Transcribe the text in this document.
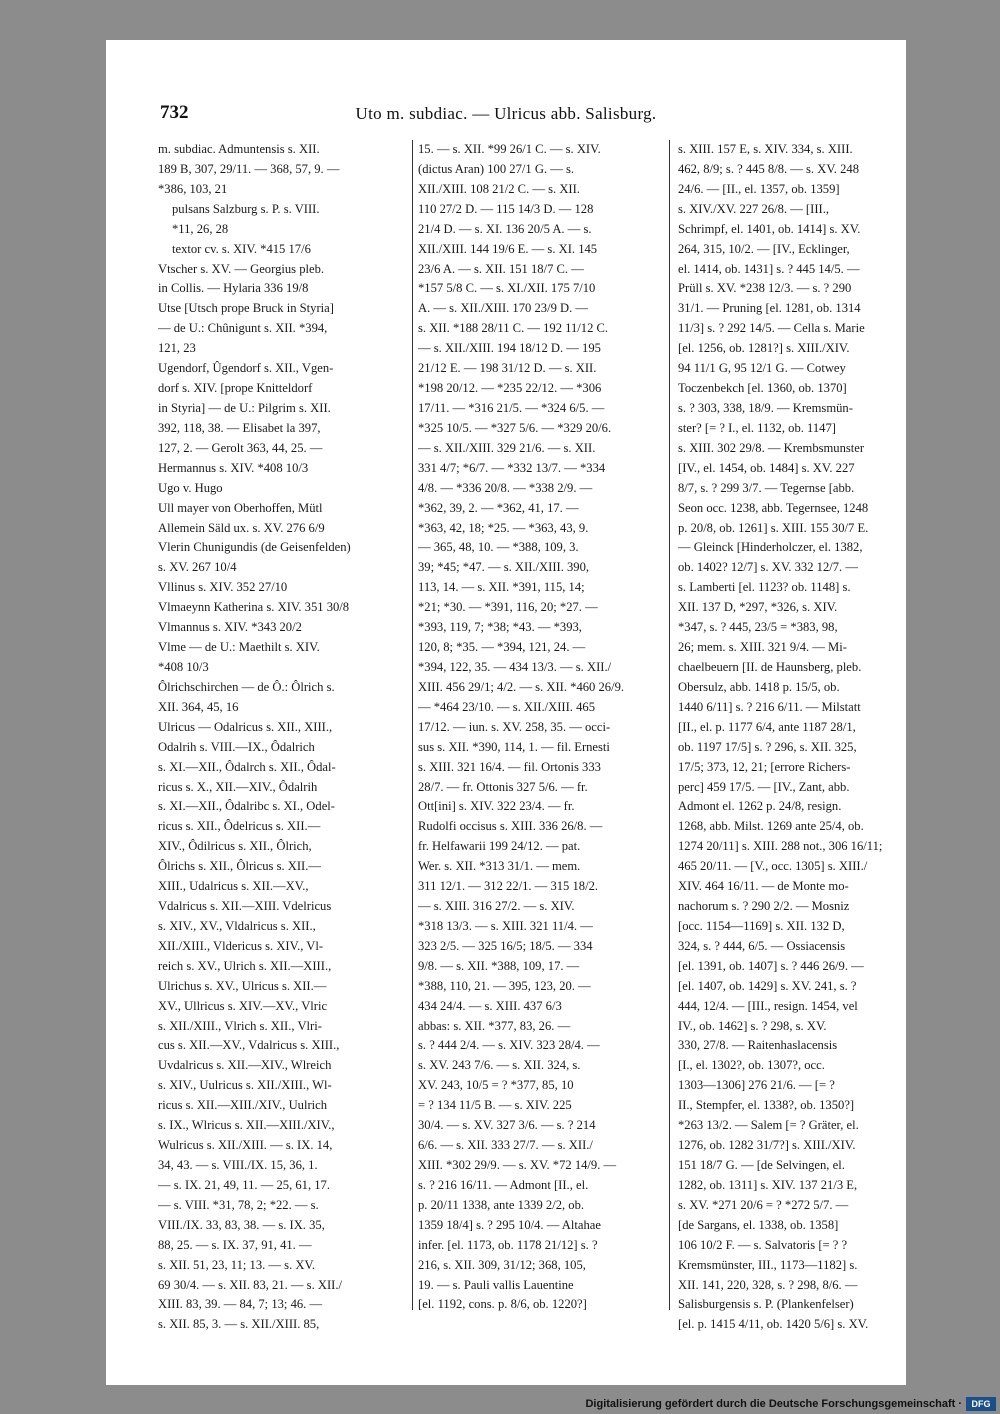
732	Uto m. subdiac. — Ulricus abb. Salisburg.
m. subdiac. Admuntensis s. XII.
189 B, 307, 29/11. — 368, 57, 9. —
*386, 103, 21
pulsans Salzburg s. P. s. VIII.
*11, 26, 28
textor cv. s. XIV. *415 17/6
Vtscher s. XV. — Georgius pleb.
in Collis. — Hylaria 336 19/8
Utse [Utsch prope Bruck in Styria]
— de U.: Chûnigunt s. XII. *394,
121, 23
Ugendorf, Ûgendorf s. XII., Vgen-
dorf s. XIV. [prope Knitteldorf
in Styria] — de U.: Pilgrim s. XII.
392, 118, 38. — Elisabet la 397,
127, 2. — Gerolt 363, 44, 25. —
Hermannus s. XIV. *408 10/3
Ugo v. Hugo
Ull mayer von Oberhoffen, Mütl
Allemein Säld ux. s. XV. 276 6/9
Vlerin Chunigundis (de Geisenfelden)
s. XV. 267 10/4
Vllinus s. XIV. 352 27/10
Vlmaeynn Katherina s. XIV. 351 30/8
Vlmannus s. XIV. *343 20/2
Vlme — de U.: Maethilt s. XIV.
*408 10/3
Ôlrichschirchen — de Ô.: Ôlrich s.
XII. 364, 45, 16
Ulricus — Odalricus s. XII., XIII.,
Odalrih s. VIII.—IX., Ôdalrich
s. XI.—XII., Ôdalrch s. XII., Ôdal-
ricus s. X., XII.—XIV., Ôdalrih
s. XI.—XII., Ôdalribc s. XI., Odel-
ricus s. XII., Ôdelricus s. XII.—
XIV., Ôdilricus s. XII., Ôlrich,
Ôlrichs s. XII., Ôlricus s. XII.—
XIII., Udalricus s. XII.—XV.,
Vdalricus s. XII.—XIII. Vdelricus
s. XIV., XV., Vldalricus s. XII.,
XII./XIII., Vldericus s. XIV., Vl-
reich s. XV., Ulrich s. XII.—XIII.,
Ulrichus s. XV., Ulricus s. XII.—
XV., Ullricus s. XIV.—XV., Vlric
s. XII./XIII., Vlrich s. XII., Vlri-
cus s. XII.—XV., Vdalricus s. XIII.,
Uvdalricus s. XII.—XIV., Wlreich
s. XIV., Uulricus s. XII./XIII., Wl-
ricus s. XII.—XIII./XIV., Uulrich
s. IX., Wlricus s. XII.—XIII./XIV.,
Wulricus s. XII./XIII. — s. IX. 14,
34, 43. — s. VIII./IX. 15, 36, 1.
— s. IX. 21, 49, 11. — 25, 61, 17.
— s. VIII. *31, 78, 2; *22. — s.
VIII./IX. 33, 83, 38. — s. IX. 35,
88, 25. — s. IX. 37, 91, 41. —
s. XII. 51, 23, 11; 13. — s. XV.
69 30/4. — s. XII. 83, 21. — s. XII./
XIII. 83, 39. — 84, 7; 13; 46. —
s. XII. 85, 3. — s. XII./XIII. 85,
15. — s. XII. *99 26/1 C. — s. XIV.
(dictus Aran) 100 27/1 G. — s.
XII./XIII. 108 21/2 C. — s. XII.
110 27/2 D. — 115 14/3 D. — 128
21/4 D. — s. XI. 136 20/5 A. — s.
XII./XIII. 144 19/6 E. — s. XI. 145
23/6 A. — s. XII. 151 18/7 C. —
*157 5/8 C. — s. XI./XII. 175 7/10
A. — s. XII./XIII. 170 23/9 D. —
s. XII. *188 28/11 C. — 192 11/12 C.
— s. XII./XIII. 194 18/12 D. — 195
21/12 E. — 198 31/12 D. — s. XII.
*198 20/12. — *235 22/12. — *306
17/11. — *316 21/5. — *324 6/5. —
*325 10/5. — *327 5/6. — *329 20/6.
— s. XII./XIII. 329 21/6. — s. XII.
331 4/7; *6/7. — *332 13/7. — *334
4/8. — *336 20/8. — *338 2/9. —
*362, 39, 2. — *362, 41, 17. —
*363, 42, 18; *25. — *363, 43, 9.
— 365, 48, 10. — *388, 109, 3.
39; *45; *47. — s. XII./XIII. 390,
113, 14. — s. XII. *391, 115, 14;
*21; *30. — *391, 116, 20; *27. —
*393, 119, 7; *38; *43. — *393,
120, 8; *35. — *394, 121, 24. —
*394, 122, 35. — 434 13/3. — s. XII./
XIII. 456 29/1; 4/2. — s. XII. *460 26/9.
— *464 23/10. — s. XII./XIII. 465
17/12. — iun. s. XV. 258, 35. — occi-
sus s. XII. *390, 114, 1. — fil. Ernesti
s. XIII. 321 16/4. — fil. Ortonis 333
28/7. — fr. Ottonis 327 5/6. — fr.
Ott[ini] s. XIV. 322 23/4. — fr.
Rudolfi occisus s. XIII. 336 26/8. —
fr. Helfawarii 199 24/12. — pat.
Wer. s. XII. *313 31/1. — mem.
311 12/1. — 312 22/1. — 315 18/2.
— s. XIII. 316 27/2. — s. XIV.
*318 13/3. — s. XIII. 321 11/4. —
323 2/5. — 325 16/5; 18/5. — 334
9/8. — s. XII. *388, 109, 17. —
*388, 110, 21. — 395, 123, 20. —
434 24/4. — s. XIII. 437 6/3
abbas: s. XII. *377, 83, 26. —
s. ? 444 2/4. — s. XIV. 323 28/4. —
s. XV. 243 7/6. — s. XII. 324, s.
XV. 243, 10/5 = ? *377, 85, 10
= ? 134 11/5 B. — s. XIV. 225
30/4. — s. XV. 327 3/6. — s. ? 214
6/6. — s. XII. 333 27/7. — s. XII./
XIII. *302 29/9. — s. XV. *72 14/9. —
s. ? 216 16/11. — Admont [II., el.
p. 20/11 1338, ante 1339 2/2, ob.
1359 18/4] s. ? 295 10/4. — Altahae
infer. [el. 1173, ob. 1178 21/12] s. ?
216, s. XII. 309, 31/12; 368, 105,
19. — s. Pauli vallis Lauentine
[el. 1192, cons. p. 8/6, ob. 1220?]
s. XIII. 157 E, s. XIV. 334, s. XIII.
462, 8/9; s. ? 445 8/8. — s. XV. 248
24/6. — [II., el. 1357, ob. 1359]
s. XIV./XV. 227 26/8. — [III.,
Schrimpf, el. 1401, ob. 1414] s. XV.
264, 315, 10/2. — [IV., Ecklinger,
el. 1414, ob. 1431] s. ? 445 14/5. —
Prüll s. XV. *238 12/3. — s. ? 290
31/1. — Pruning [el. 1281, ob. 1314
11/3] s. ? 292 14/5. — Cella s. Marie
[el. 1256, ob. 1281?] s. XIII./XIV.
94 11/1 G, 95 12/1 G. — Cotwey
Toczenbekch [el. 1360, ob. 1370]
s. ? 303, 338, 18/9. — Kremsmün-
ster? [= ? I., el. 1132, ob. 1147]
s. XIII. 302 29/8. — Krembsmunster
[IV., el. 1454, ob. 1484] s. XV. 227
8/7, s. ? 299 3/7. — Tegernse [abb.
Seon occ. 1238, abb. Tegernsee, 1248
p. 20/8, ob. 1261] s. XIII. 155 30/7 E.
— Gleinck [Hinderholczer, el. 1382,
ob. 1402? 12/7] s. XV. 332 12/7. —
s. Lamberti [el. 1123? ob. 1148] s.
XII. 137 D, *297, *326, s. XIV.
*347, s. ? 445, 23/5 = *383, 98,
26; mem. s. XIII. 321 9/4. — Mi-
chaelbeuern [II. de Haunsberg, pleb.
Obersulz, abb. 1418 p. 15/5, ob.
1440 6/11] s. ? 216 6/11. — Milstatt
[II., el. p. 1177 6/4, ante 1187 28/1,
ob. 1197 17/5] s. ? 296, s. XII. 325,
17/5; 373, 12, 21; [errore Richers-
perc] 459 17/5. — [IV., Zant, abb.
Admont el. 1262 p. 24/8, resign.
1268, abb. Milst. 1269 ante 25/4, ob.
1274 20/11] s. XIII. 288 not., 306 16/11;
465 20/11. — [V., occ. 1305] s. XIII./
XIV. 464 16/11. — de Monte mo-
nachorum s. ? 290 2/2. — Mosniz
[occ. 1154—1169] s. XII. 132 D,
324, s. ? 444, 6/5. — Ossiacensis
[el. 1391, ob. 1407] s. ? 446 26/9. —
[el. 1407, ob. 1429] s. XV. 241, s. ?
444, 12/4. — [III., resign. 1454, vel
IV., ob. 1462] s. ? 298, s. XV.
330, 27/8. — Raitenhaslacensis
[I., el. 1302?, ob. 1307?, occ.
1303—1306] 276 21/6. — [= ?
II., Stempfer, el. 1338?, ob. 1350?]
*263 13/2. — Salem [= ? Gräter, el.
1276, ob. 1282 31/7?] s. XIII./XIV.
151 18/7 G. — [de Selvingen, el.
1282, ob. 1311] s. XIV. 137 21/3 E,
s. XV. *271 20/6 = ? *272 5/7. —
[de Sargans, el. 1338, ob. 1358]
106 10/2 F. — s. Salvatoris [= ? ?
Kremsmünster, III., 1173—1182] s.
XII. 141, 220, 328, s. ? 298, 8/6. —
Salisburgensis s. P. (Plankenfelser)
[el. p. 1415 4/11, ob. 1420 5/6] s. XV.
Digitalisierung gefördert durch die Deutsche Forschungsgemeinschaft ·	DFG
